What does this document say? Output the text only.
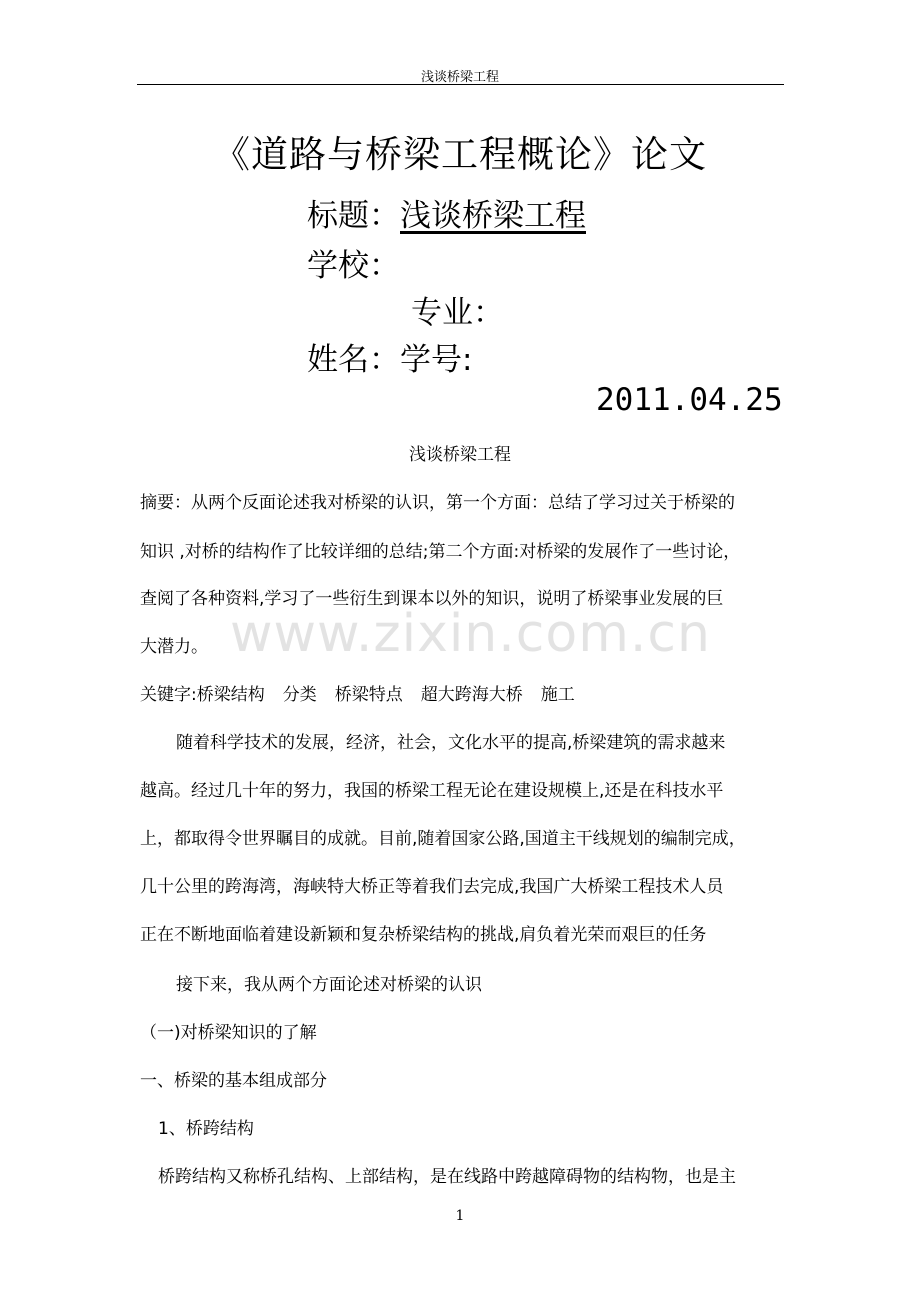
浅谈桥梁工程
《道路与桥梁工程概论》论文
标题：浅谈桥梁工程
学校：
专业：
姓名：学号:
2011.04.25
www.zixin.com.cn
浅谈桥梁工程
摘要：从两个反面论述我对桥梁的认识，第一个方面：总结了学习过关于桥梁的
知识 ,对桥的结构作了比较详细的总结;第二个方面:对桥梁的发展作了一些讨论，
查阅了各种资料,学习了一些衍生到课本以外的知识，说明了桥梁事业发展的巨
大潜力。
关键字:桥梁结构 分类 桥梁特点 超大跨海大桥 施工
随着科学技术的发展，经济，社会，文化水平的提高,桥梁建筑的需求越来
越高。经过几十年的努力，我国的桥梁工程无论在建设规模上,还是在科技水平
上，都取得令世界瞩目的成就。目前,随着国家公路,国道主干线规划的编制完成，
几十公里的跨海湾，海峡特大桥正等着我们去完成,我国广大桥梁工程技术人员
正在不断地面临着建设新颖和复杂桥梁结构的挑战,肩负着光荣而艰巨的任务
接下来，我从两个方面论述对桥梁的认识
（一)对桥梁知识的了解
一、桥梁的基本组成部分
1、桥跨结构
桥跨结构又称桥孔结构、上部结构，是在线路中跨越障碍物的结构物，也是主
1
